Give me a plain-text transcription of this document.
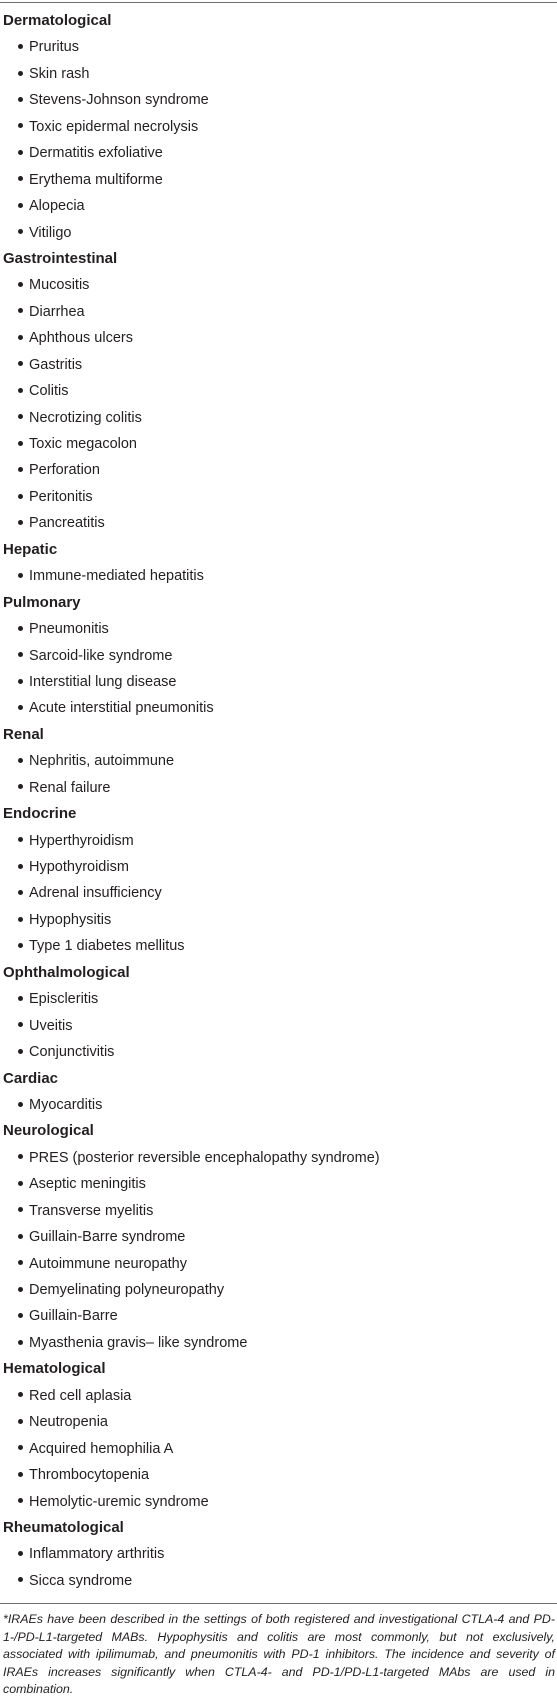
Dermatological
Pruritus
Skin rash
Stevens-Johnson syndrome
Toxic epidermal necrolysis
Dermatitis exfoliative
Erythema multiforme
Alopecia
Vitiligo
Gastrointestinal
Mucositis
Diarrhea
Aphthous ulcers
Gastritis
Colitis
Necrotizing colitis
Toxic megacolon
Perforation
Peritonitis
Pancreatitis
Hepatic
Immune-mediated hepatitis
Pulmonary
Pneumonitis
Sarcoid-like syndrome
Interstitial lung disease
Acute interstitial pneumonitis
Renal
Nephritis, autoimmune
Renal failure
Endocrine
Hyperthyroidism
Hypothyroidism
Adrenal insufficiency
Hypophysitis
Type 1 diabetes mellitus
Ophthalmological
Episcleritis
Uveitis
Conjunctivitis
Cardiac
Myocarditis
Neurological
PRES (posterior reversible encephalopathy syndrome)
Aseptic meningitis
Transverse myelitis
Guillain-Barre syndrome
Autoimmune neuropathy
Demyelinating polyneuropathy
Guillain-Barre
Myasthenia gravis– like syndrome
Hematological
Red cell aplasia
Neutropenia
Acquired hemophilia A
Thrombocytopenia
Hemolytic-uremic syndrome
Rheumatological
Inflammatory arthritis
Sicca syndrome
*IRAEs have been described in the settings of both registered and investigational CTLA-4 and PD-1-/PD-L1-targeted MABs. Hypophysitis and colitis are most commonly, but not exclusively, associated with ipilimumab, and pneumonitis with PD-1 inhibitors. The incidence and severity of IRAEs increases significantly when CTLA-4- and PD-1/PD-L1-targeted MAbs are used in combination.
